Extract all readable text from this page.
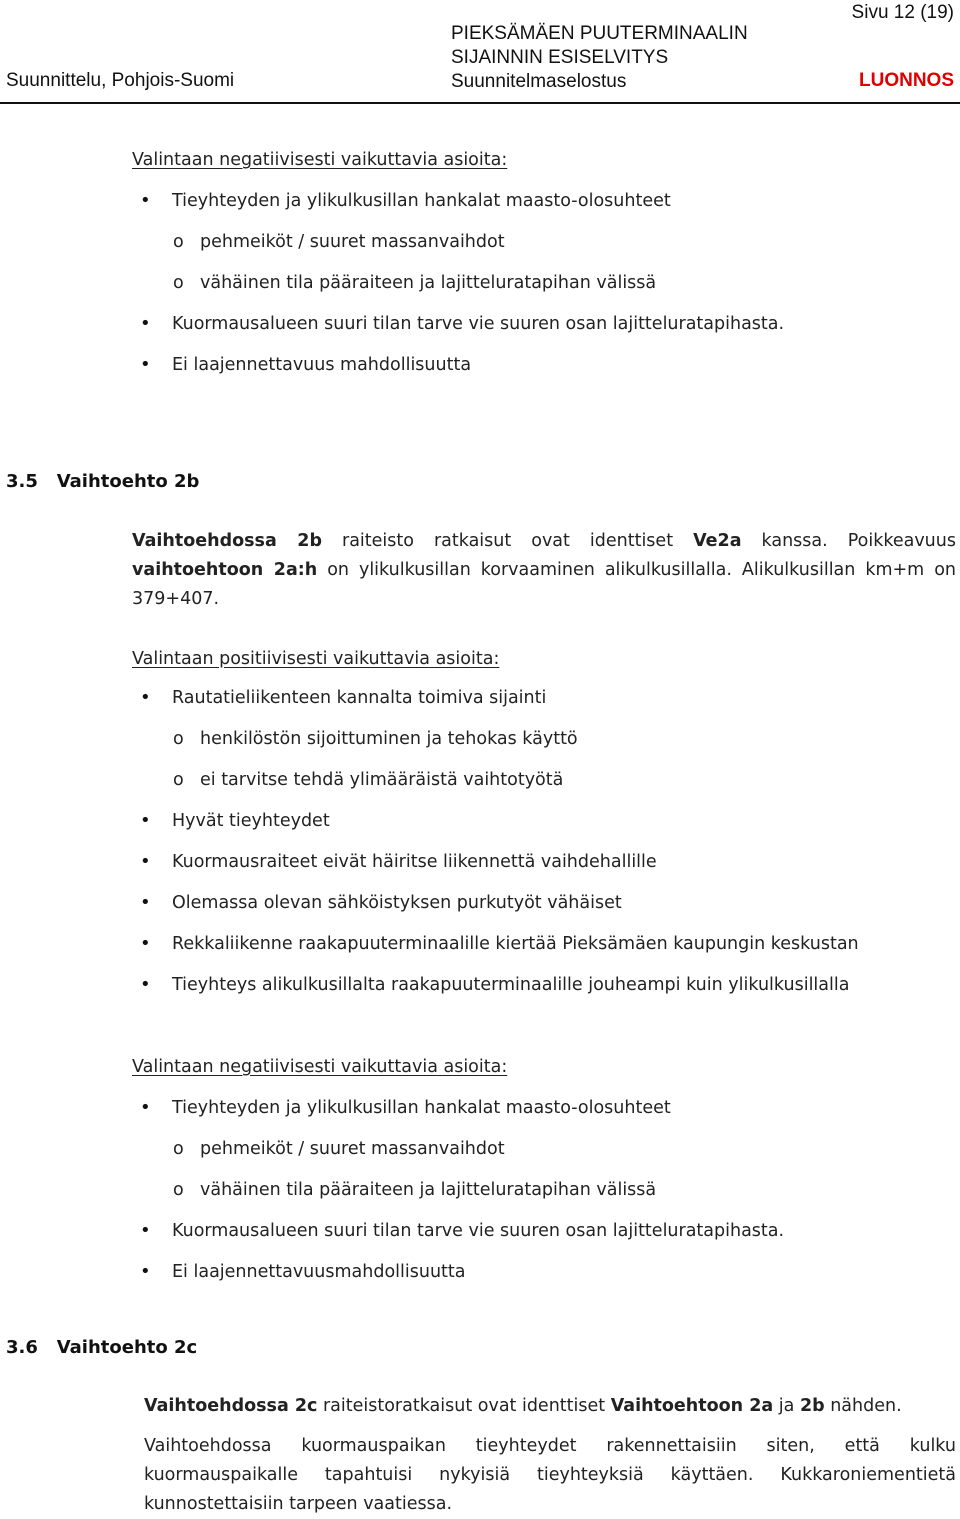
Suunnittelu, Pohjois-Suomi
PIEKSÄMÄEN PUUTERMINAALIN
SIJAINNIN ESISELVITYS
Suunnitelmaselostus
Sivu 12 (19)
LUONNOS
Valintaan negatiivisesti vaikuttavia asioita:
• Tieyhteyden ja ylikulkusillan hankalat maasto-olosuhteet
o pehmeiköt / suuret massanvaihdot
o vähäinen tila pääraiteen ja lajitteluratapihan välissä
• Kuormausalueen suuri tilan tarve vie suuren osan lajitteluratapihasta.
• Ei laajennettavuus mahdollisuutta
3.5 Vaihtoehto 2b
Vaihtoehdossa 2b raiteisto ratkaisut ovat identtiset Ve2a kanssa. Poikkeavuus vaihtoehtoon 2a:h on ylikulkusillan korvaaminen alikulkusillalla. Alikulkusillan km+m on 379+407.
Valintaan positiivisesti vaikuttavia asioita:
• Rautatieliikenteen kannalta toimiva sijainti
o henkilöstön sijoittuminen ja tehokas käyttö
o ei tarvitse tehdä ylimääräistä vaihtotyötä
• Hyvät tieyhteydet
• Kuormausraiteet eivät häiritse liikennettä vaihdehallille
• Olemassa olevan sähköistyksen purkutyöt vähäiset
• Rekkaliikenne raakapuuterminaalille kiertää Pieksämäen kaupungin keskustan
• Tieyhteys alikulkusillalta raakapuuterminaalille jouheampi kuin ylikulkusillalla
Valintaan negatiivisesti vaikuttavia asioita:
• Tieyhteyden ja ylikulkusillan hankalat maasto-olosuhteet
o pehmeiköt / suuret massanvaihdot
o vähäinen tila pääraiteen ja lajitteluratapihan välissä
• Kuormausalueen suuri tilan tarve vie suuren osan lajitteluratapihasta.
• Ei laajennettavuusmahdollisuutta
3.6 Vaihtoehto 2c
Vaihtoehdossa 2c raiteistoratkaisut ovat identtiset Vaihtoehtoon 2a ja 2b nähden.
Vaihtoehdossa kuormauspaikan tieyhteydet rakennettaisiin siten, että kulku kuormauspaikalle tapahtuisi nykyisiä tieyhteyksiä käyttäen. Kukkaroniementietä kunnostettaisiin tarpeen vaatiessa.
